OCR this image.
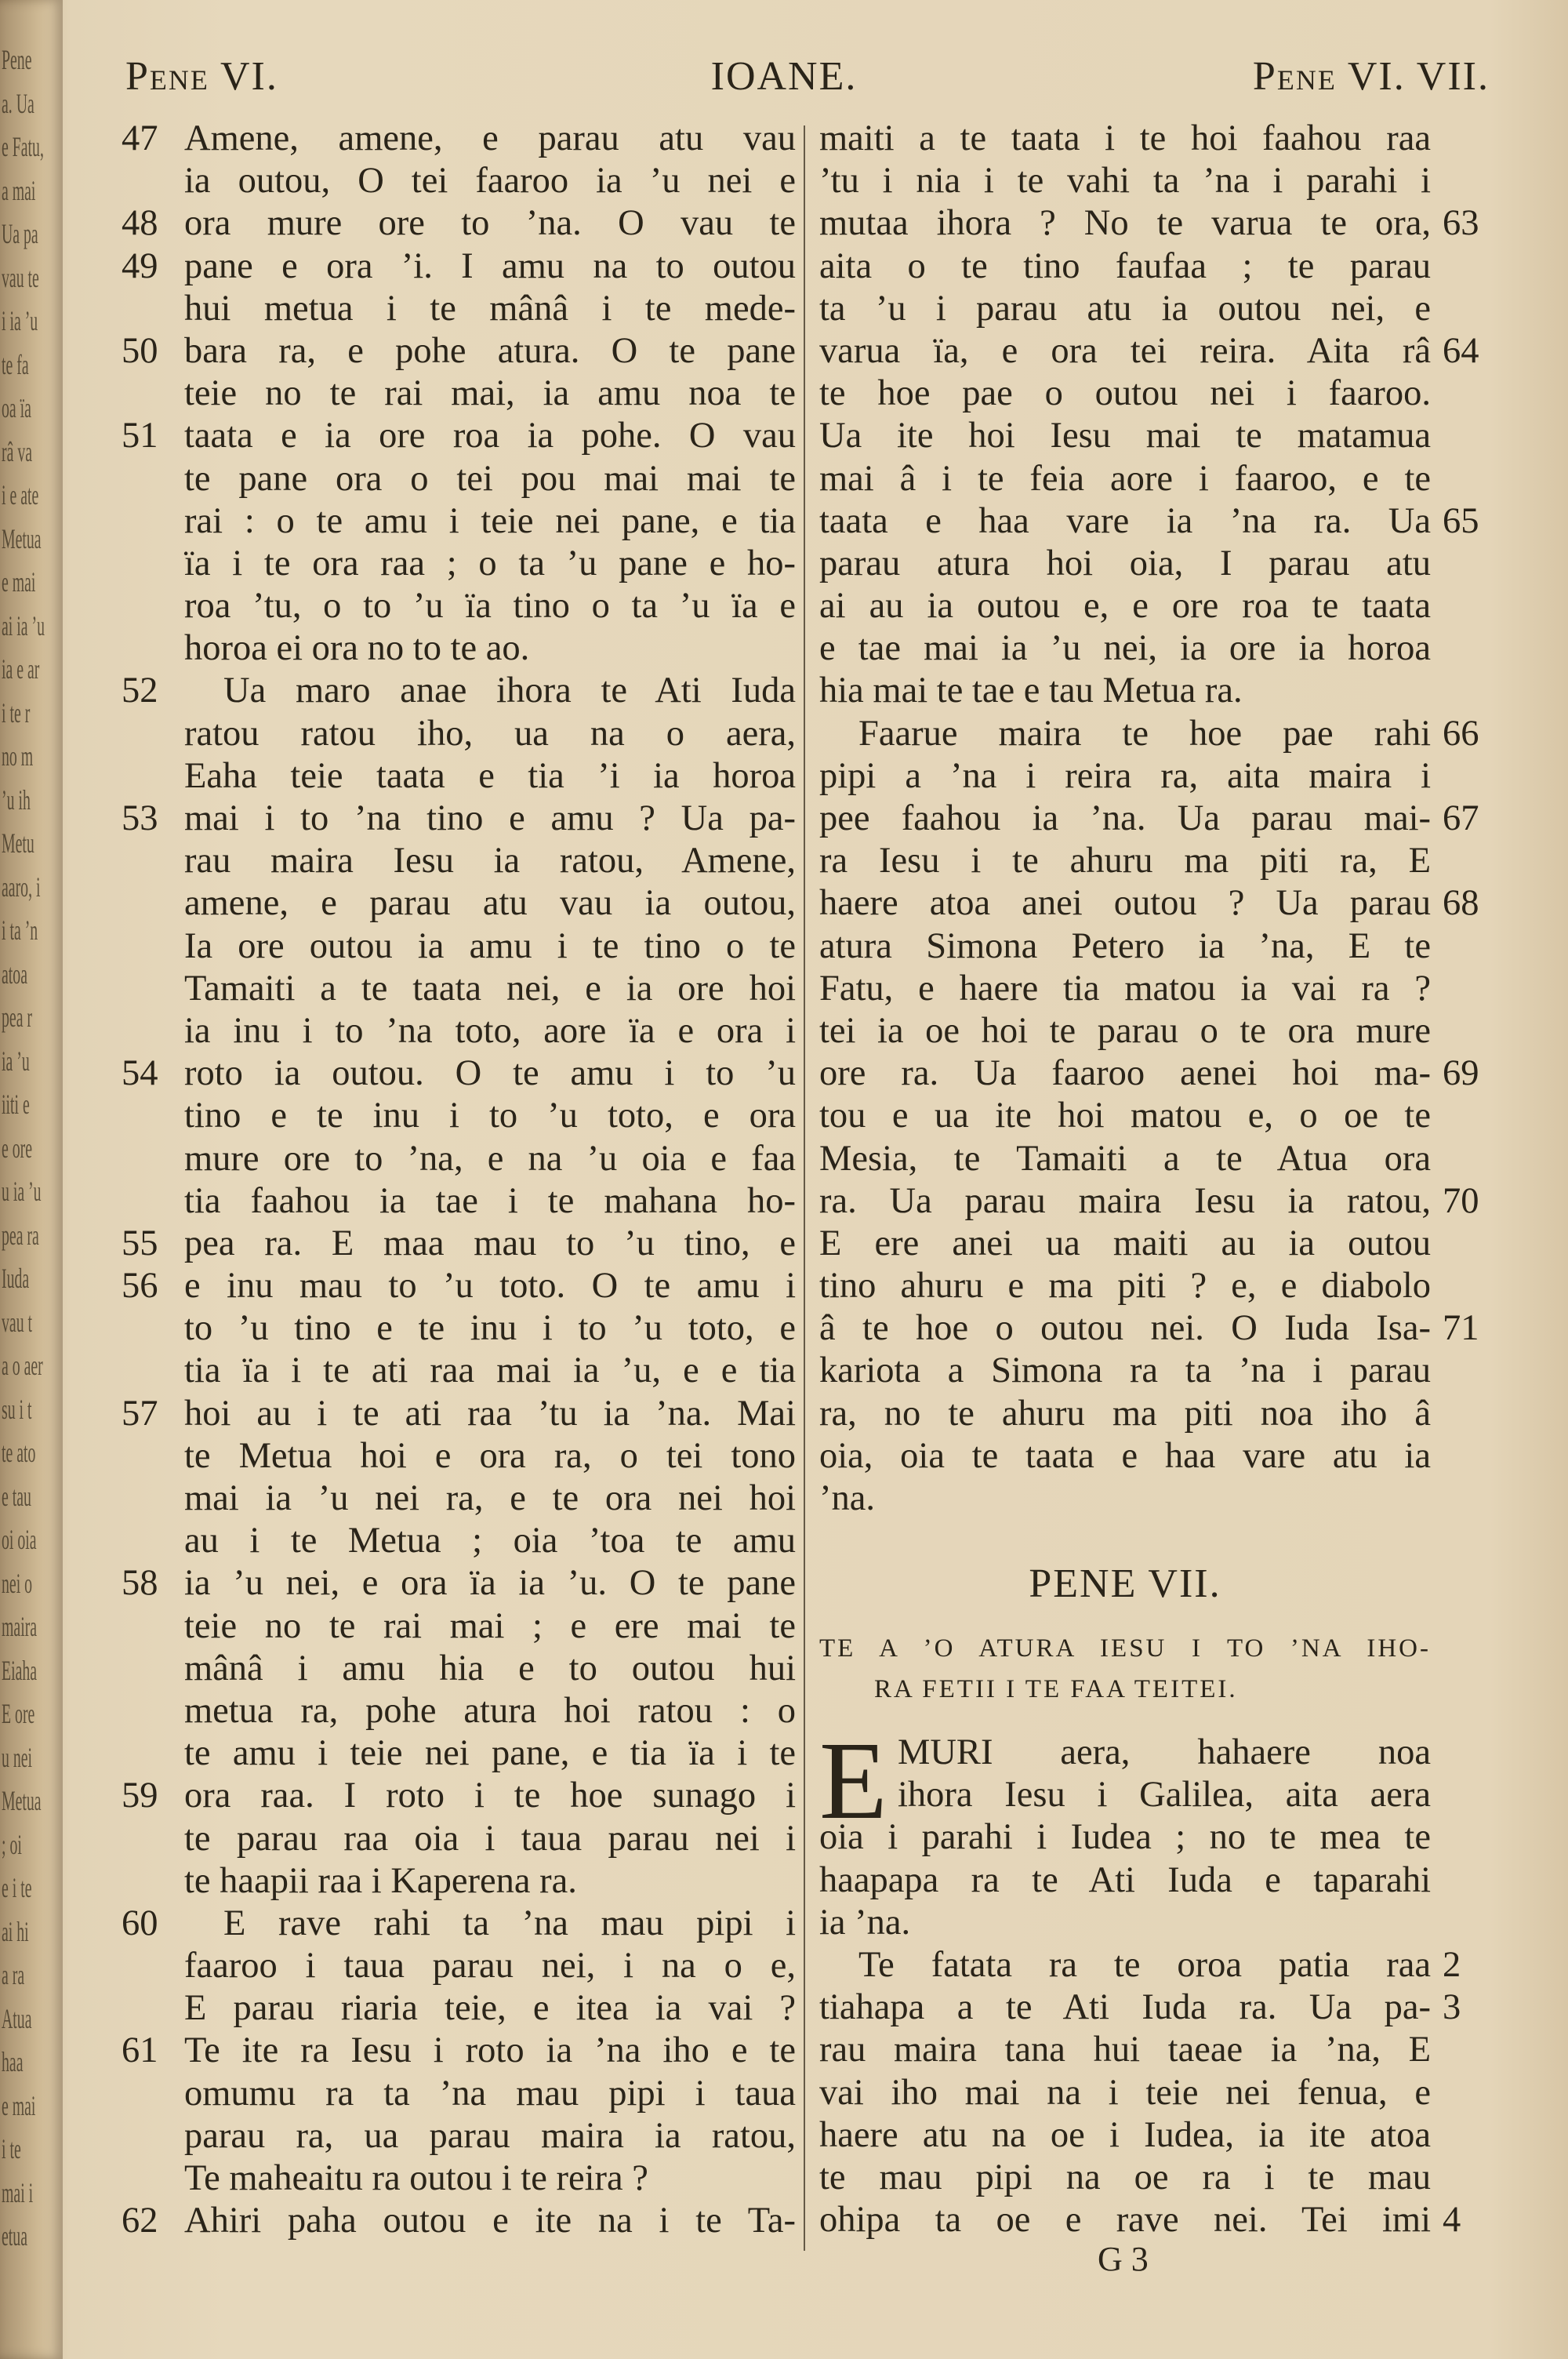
Pene
a. Ua
e Fatu,
a mai
Ua pa
vau te
i ia ’u
te fa
oa ïa
râ va
i e ate
Metua
e mai
ai ia ’u
ia e ar
i te r
no m
’u ih
Metu
aaro, i
i ta ’n
atoa
pea r
ia ’u
iiti e
e ore
u ia ’u
pea ra
Iuda
vau t
a o aer
su i t
te ato
e tau
oi oia
nei o
maira
Eiaha
E ore
u nei
Metua
; oi
e i te
ai hi
a ra
Atua
haa
e mai
i te
mai i
etua
Pene VI.	IOANE.	Pene VI. VII.
Amene, amene, e parau atu vau
47
ia outou, O tei faaroo ia ’u nei e
ora mure ore to ’na. O vau te
48
pane e ora ’i. I amu na to outou
49
hui metua i te mânâ i te mede-
bara ra, e pohe atura. O te pane
50
teie no te rai mai, ia amu noa te
taata e ia ore roa ia pohe. O vau
51
te pane ora o tei pou mai mai te
rai : o te amu i teie nei pane, e tia
ïa i te ora raa ; o ta ’u pane e ho-
roa ’tu, o to ’u ïa tino o ta ’u ïa e
horoa ei ora no to te ao.
Ua maro anae ihora te Ati Iuda
52
ratou ratou iho, ua na o aera,
Eaha teie taata e tia ’i ia horoa
mai i to ’na tino e amu ? Ua pa-
53
rau maira Iesu ia ratou, Amene,
amene, e parau atu vau ia outou,
Ia ore outou ia amu i te tino o te
Tamaiti a te taata nei, e ia ore hoi
ia inu i to ’na toto, aore ïa e ora i
roto ia outou. O te amu i to ’u
54
tino e te inu i to ’u toto, e ora
mure ore to ’na, e na ’u oia e faa
tia faahou ia tae i te mahana ho-
pea ra. E maa mau to ’u tino, e
55
e inu mau to ’u toto. O te amu i
56
to ’u tino e te inu i to ’u toto, e
tia ïa i te ati raa mai ia ’u, e e tia
hoi au i te ati raa ’tu ia ’na. Mai
57
te Metua hoi e ora ra, o tei tono
mai ia ’u nei ra, e te ora nei hoi
au i te Metua ; oia ’toa te amu
ia ’u nei, e ora ïa ia ’u. O te pane
58
teie no te rai mai ; e ere mai te
mânâ i amu hia e to outou hui
metua ra, pohe atura hoi ratou : o
te amu i teie nei pane, e tia ïa i te
ora raa. I roto i te hoe sunago i
59
te parau raa oia i taua parau nei i
te haapii raa i Kaperena ra.
E rave rahi ta ’na mau pipi i
60
faaroo i taua parau nei, i na o e,
E parau riaria teie, e itea ia vai ?
Te ite ra Iesu i roto ia ’na iho e te
61
omumu ra ta ’na mau pipi i taua
parau ra, ua parau maira ia ratou,
Te maheaitu ra outou i te reira ?
Ahiri paha outou e ite na i te Ta-
62
maiti a te taata i te hoi faahou raa
’tu i nia i te vahi ta ’na i parahi i
mutaa ihora ? No te varua te ora, 63
aita o te tino faufaa ; te parau
ta ’u i parau atu ia outou nei, e
varua ïa, e ora tei reira. Aita râ 64
te hoe pae o outou nei i faaroo.
Ua ite hoi Iesu mai te matamua
mai â i te feia aore i faaroo, e te
taata e haa vare ia ’na ra. Ua 65
parau atura hoi oia, I parau atu
ai au ia outou e, e ore roa te taata
e tae mai ia ’u nei, ia ore ia horoa
hia mai te tae e tau Metua ra.
Faarue maira te hoe pae rahi 66
pipi a ’na i reira ra, aita maira i
pee faahou ia ’na. Ua parau mai- 67
ra Iesu i te ahuru ma piti ra, E
haere atoa anei outou ? Ua parau 68
atura Simona Petero ia ’na, E te
Fatu, e haere tia matou ia vai ra ?
tei ia oe hoi te parau o te ora mure
ore ra. Ua faaroo aenei hoi ma- 69
tou e ua ite hoi matou e, o oe te
Mesia, te Tamaiti a te Atua ora
ra. Ua parau maira Iesu ia ratou, 70
E ere anei ua maiti au ia outou
tino ahuru e ma piti ? e, e diabolo
â te hoe o outou nei. O Iuda Isa- 71
kariota a Simona ra ta ’na i parau
ra, no te ahuru ma piti noa iho â
oia, oia te taata e haa vare atu ia
’na.
PENE VII.
TE A ’O ATURA IESU I TO ’NA IHO-
RA FETII I TE FAA TEITEI.
E MURI aera, hahaere noa
ihora Iesu i Galilea, aita aera
oia i parahi i Iudea ; no te mea te
haapapa ra te Ati Iuda e taparahi
ia ’na.
Te fatata ra te oroa patia raa 2
tiahapa a te Ati Iuda ra. Ua pa- 3
rau maira tana hui taeae ia ’na, E
vai iho mai na i teie nei fenua, e
haere atu na oe i Iudea, ia ite atoa
te mau pipi na oe ra i te mau
ohipa ta oe e rave nei. Tei imi 4
G 3
